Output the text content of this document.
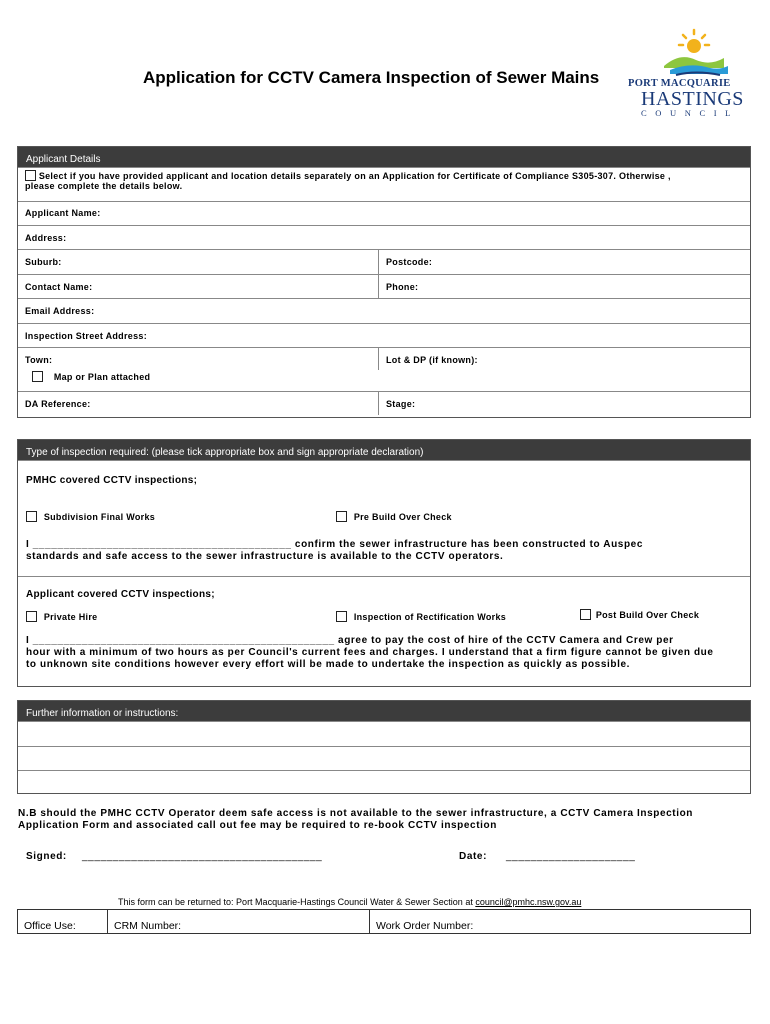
Application for CCTV Camera Inspection of Sewer Mains	PORT MACQUARIE
HASTINGS
COUNCIL
Applicant Details
Select if you have provided applicant and location details separately on an Application for Certificate of Compliance S305-307. Otherwise ,
please complete the details below.
Applicant Name:
Address:
Suburb:	Postcode:
Contact Name:	Phone:
Email Address:
Inspection Street Address:
Town:
Map or Plan attached
Lot & DP (if known):
DA Reference:	Stage:
Type of inspection required: (please tick appropriate box and sign appropriate declaration)
PMHC covered CCTV inspections;
Subdivision Final Works	Pre Build Over Check
I __________________________________________ confirm the sewer infrastructure has been constructed to Auspec
standards and safe access to the sewer infrastructure is available to the CCTV operators.
Applicant covered CCTV inspections;
Private Hire	Inspection of Rectification Works	Post Build Over Check
I _________________________________________________ agree to pay the cost of hire of the CCTV Camera and Crew per
hour with a minimum of two hours as per Council's current fees and charges. I understand that a firm figure cannot be given due
to unknown site conditions however every effort will be made to undertake the inspection as quickly as possible.
Further information or instructions:
N.B should the PMHC CCTV Operator deem safe access is not available to the sewer infrastructure, a CCTV Camera Inspection
Application Form and associated call out fee may be required to re-book CCTV inspection
Signed: _______________________________________	Date: _____________________
This form can be returned to: Port Macquarie-Hastings Council Water & Sewer Section at council@pmhc.nsw.gov.au
Office Use:	CRM Number:	Work Order Number:
